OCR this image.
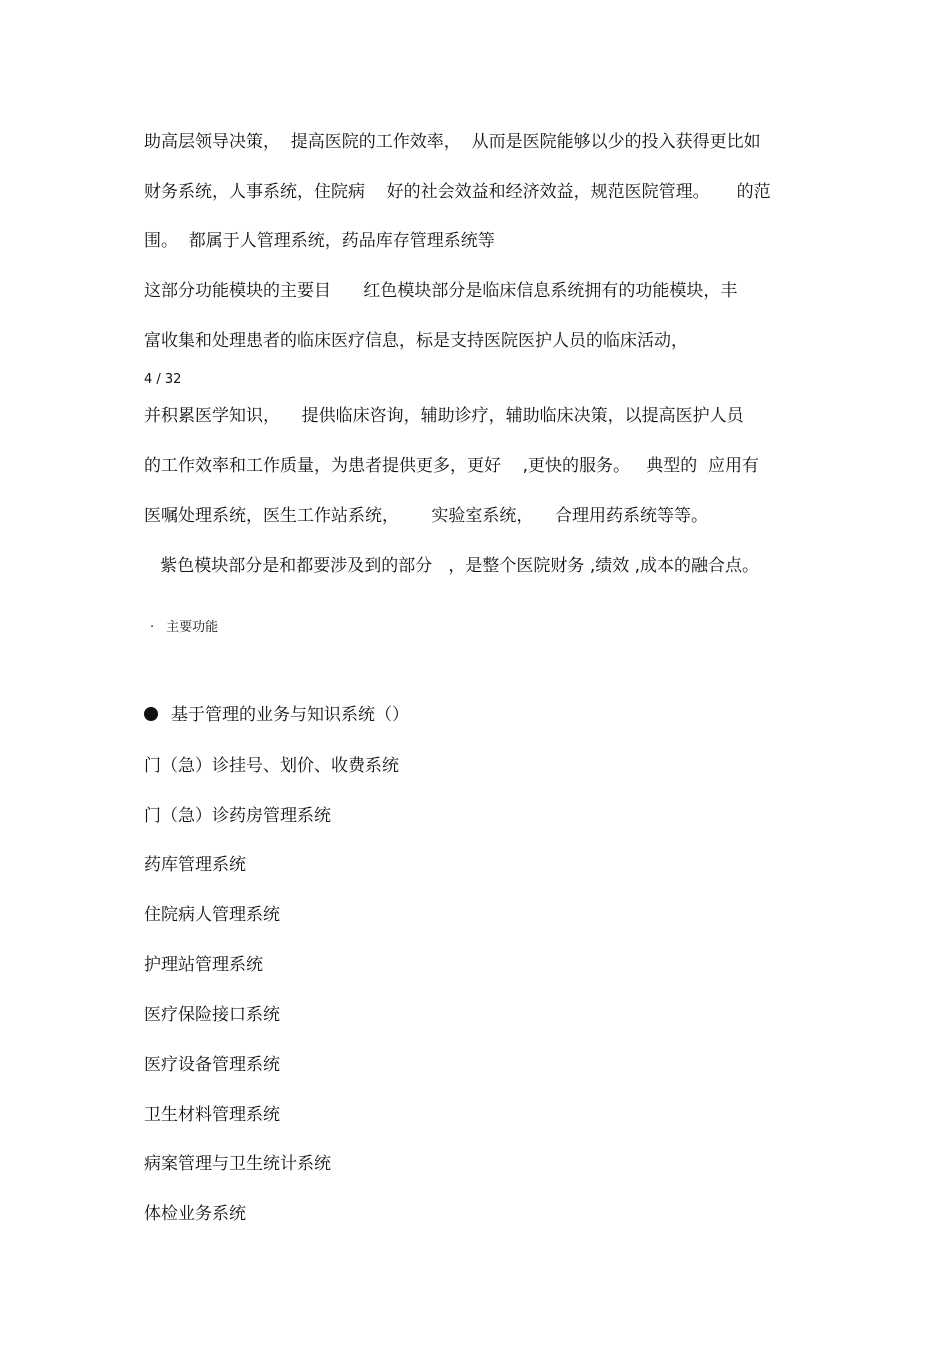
助高层领导决策，  提高医院的工作效率，  从而是医院能够以少的投入获得更比如
财务系统，人事系统，住院病    好的社会效益和经济效益，规范医院管理。     的范
围。  都属于人管理系统，药品库存管理系统等
这部分功能模块的主要目      红色模块部分是临床信息系统拥有的功能模块，丰
富收集和处理患者的临床医疗信息，标是支持医院医护人员的临床活动，
4 / 32
并积累医学知识，    提供临床咨询，辅助诊疗，辅助临床决策，以提高医护人员
的工作效率和工作质量，为患者提供更多，更好    ,更快的服务。   典型的  应用有
医嘱处理系统，医生工作站系统，      实验室系统，    合理用药系统等等。
紫色模块部分是和都要涉及到的部分   ，是整个医院财务 ,绩效 ,成本的融合点。
· 主要功能
基于管理的业务与知识系统（）
门（急）诊挂号、划价、收费系统
门（急）诊药房管理系统
药库管理系统
住院病人管理系统
护理站管理系统
医疗保险接口系统
医疗设备管理系统
卫生材料管理系统
病案管理与卫生统计系统
体检业务系统
